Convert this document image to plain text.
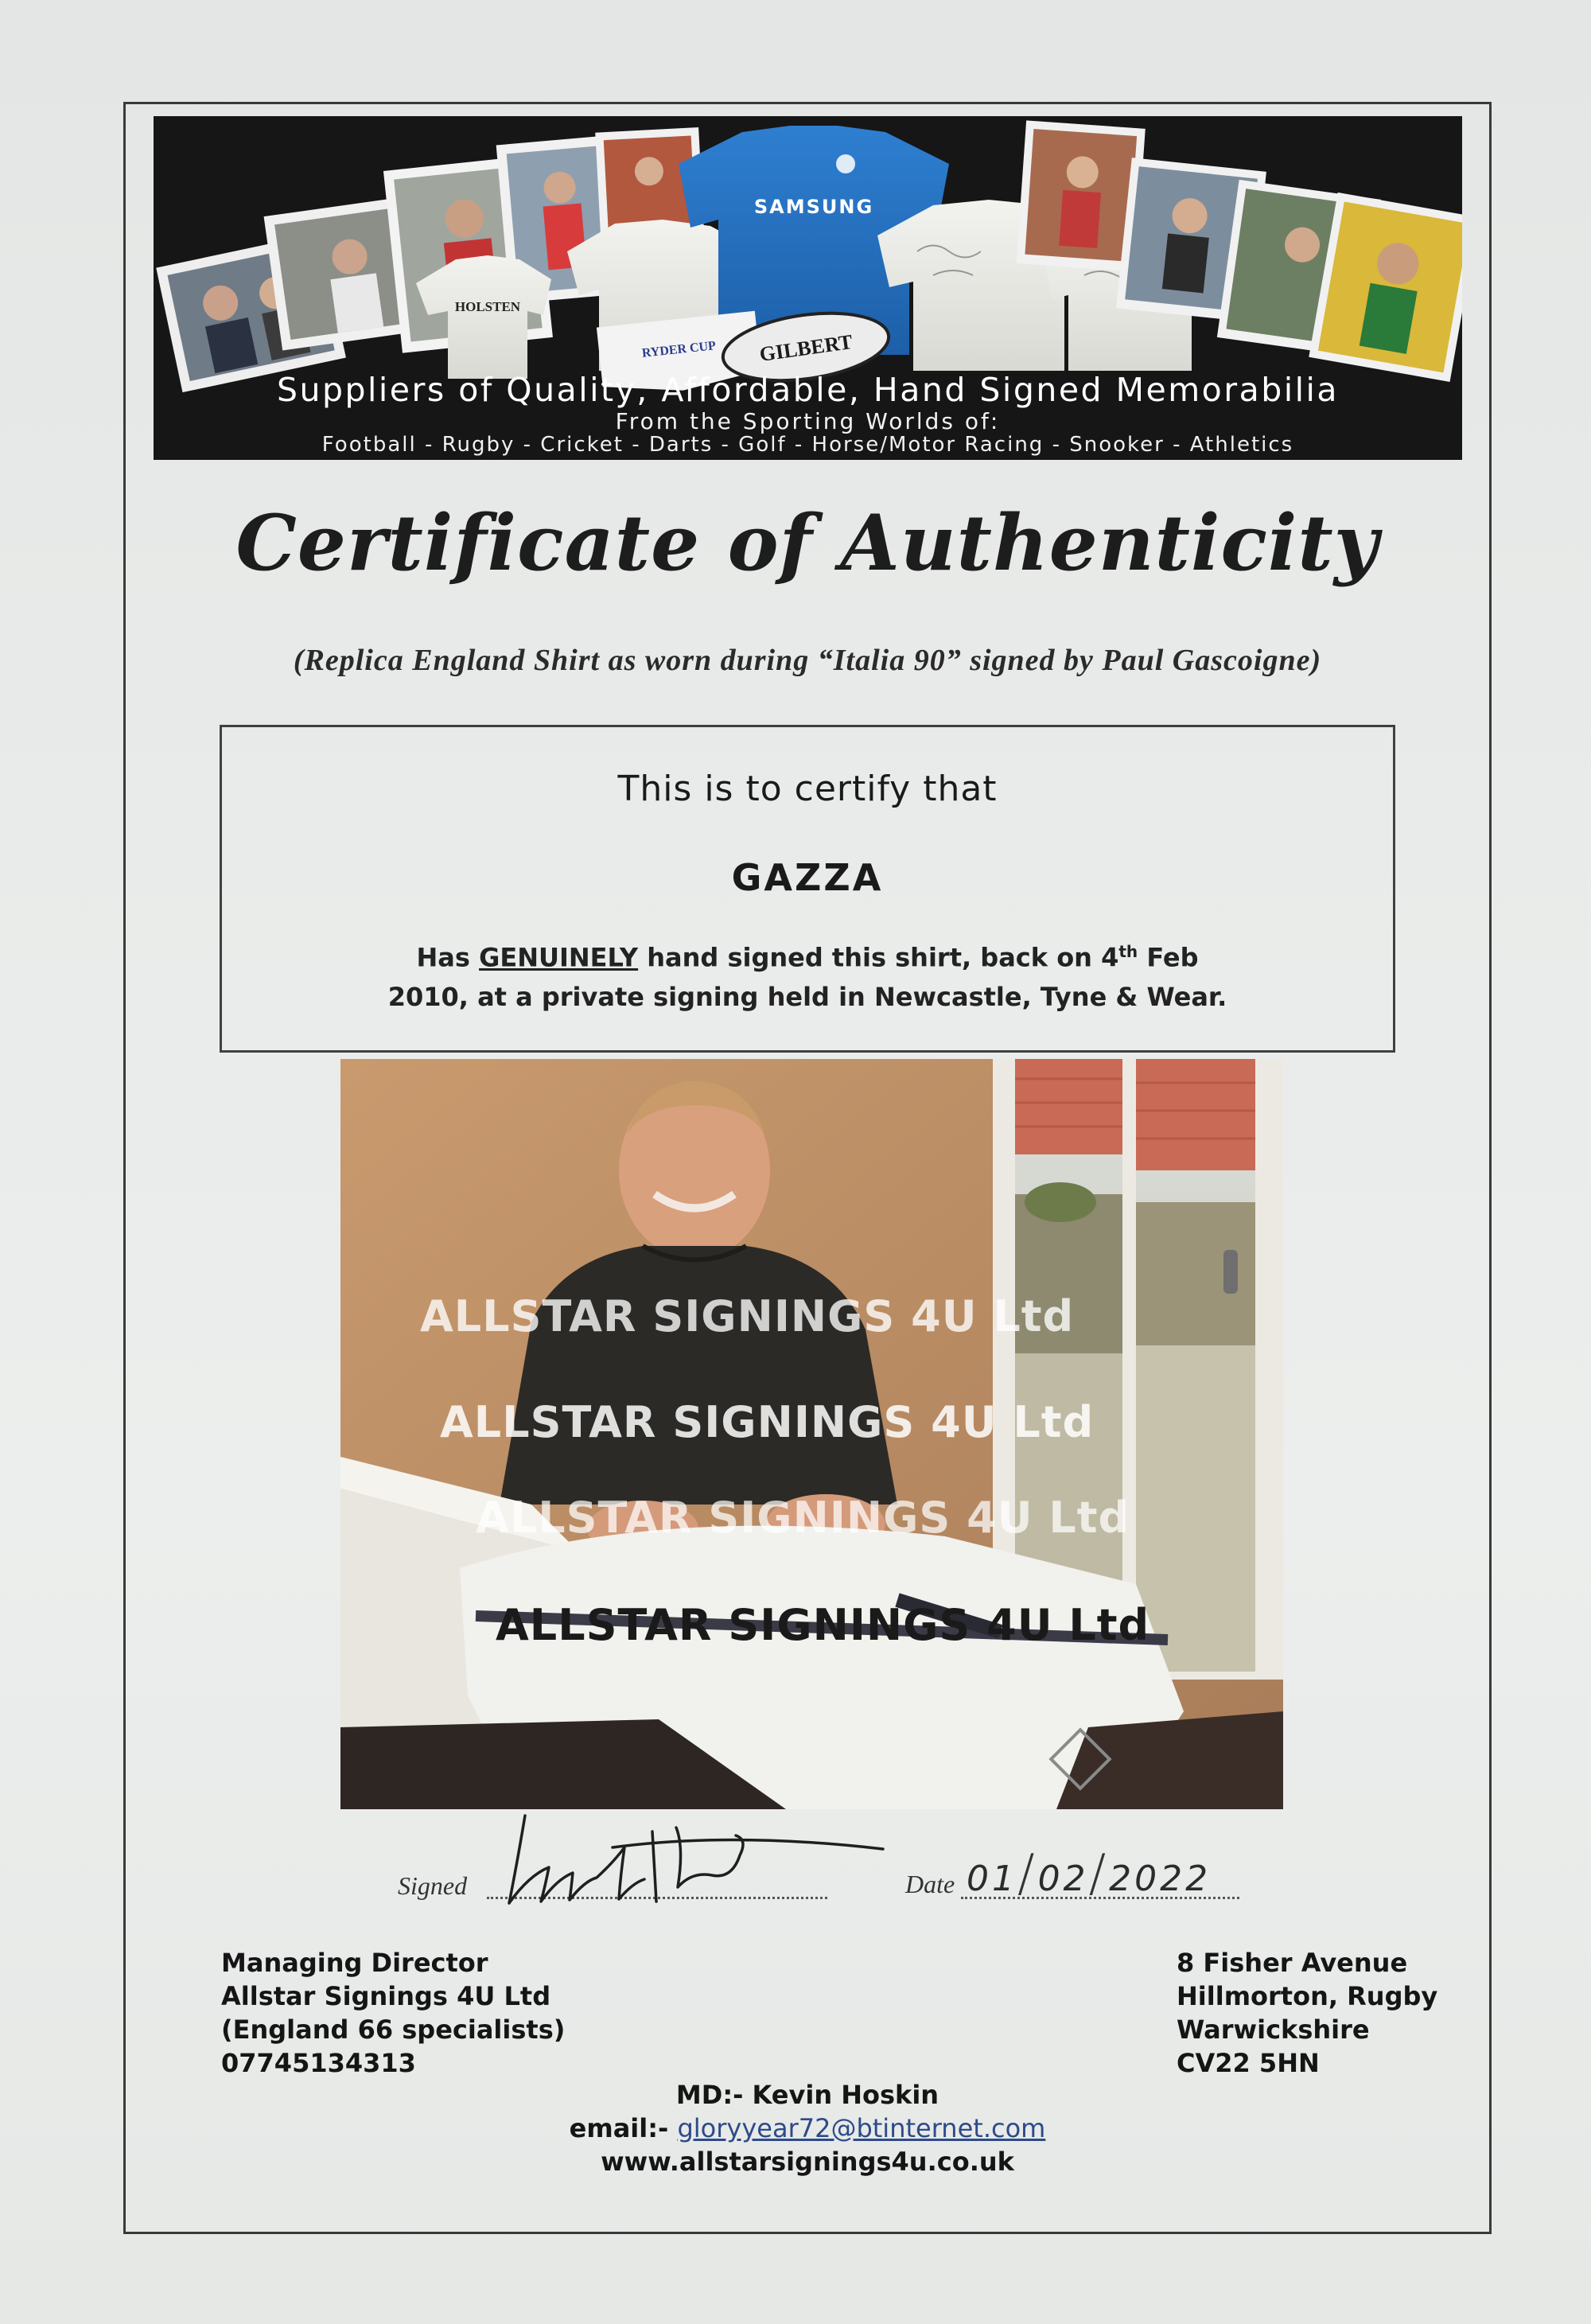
HOLSTEN
SAMSUNG
RYDER CUP GILBERT
Suppliers of Quality, Affordable, Hand Signed Memorabilia
From the Sporting Worlds of:
Football - Rugby - Cricket - Darts - Golf - Horse/Motor Racing - Snooker - Athletics
Certificate of Authenticity
(Replica England Shirt as worn during “Italia 90” signed by Paul Gascoigne)
This is to certify that
GAZZA
Has GENUINELY hand signed this shirt, back on 4th Feb
2010, at a private signing held in Newcastle, Tyne & Wear.
ALLSTAR SIGNINGS 4U Ltd
ALLSTAR SIGNINGS 4U Ltd
ALLSTAR SIGNINGS 4U Ltd
ALLSTAR SIGNINGS 4U Ltd
Signed	Date 01/02/2022
Managing Director
Allstar Signings 4U Ltd
(England 66 specialists)
07745134313
8 Fisher Avenue
Hillmorton, Rugby
Warwickshire
CV22 5HN
MD:- Kevin Hoskin
email:- gloryyear72@btinternet.com
www.allstarsignings4u.co.uk
